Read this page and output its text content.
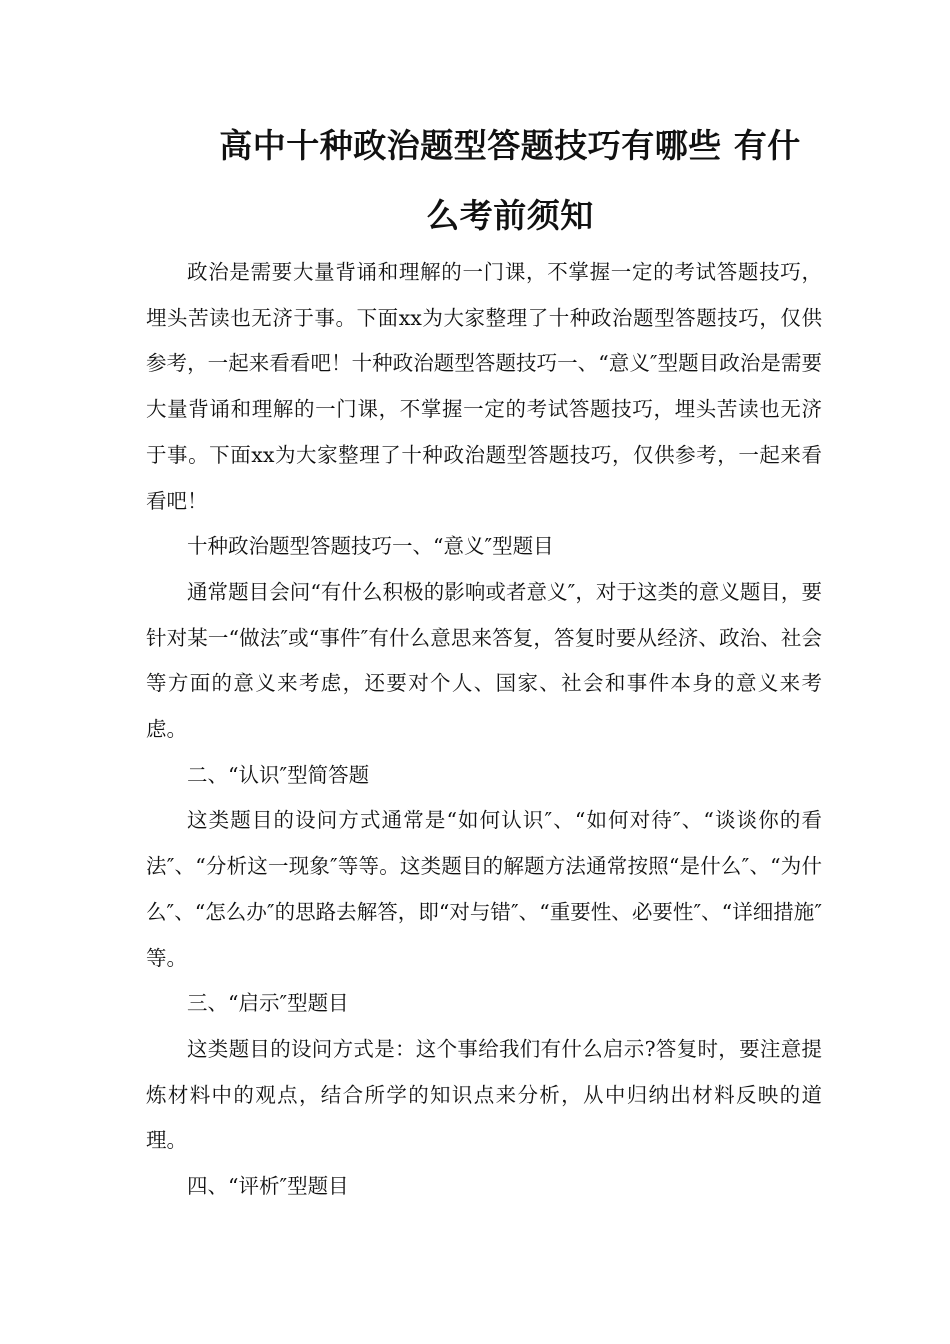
高中十种政治题型答题技巧有哪些 有什
么考前须知

政治是需要大量背诵和理解的一门课，不掌握一定的考试答题技巧，埋头苦读也无济于事。下面xx为大家整理了十种政治题型答题技巧，仅供参考，一起来看看吧！十种政治题型答题技巧一、“意义″型题目政治是需要大量背诵和理解的一门课，不掌握一定的考试答题技巧，埋头苦读也无济于事。下面xx为大家整理了十种政治题型答题技巧，仅供参考，一起来看看吧！

十种政治题型答题技巧一、“意义″型题目

通常题目会问“有什么积极的影响或者意义″，对于这类的意义题目，要针对某一“做法″或“事件″有什么意思来答复，答复时要从经济、政治、社会等方面的意义来考虑，还要对个人、国家、社会和事件本身的意义来考虑。

二、“认识″型简答题

这类题目的设问方式通常是“如何认识″、“如何对待″、“谈谈你的看法″、“分析这一现象″等等。这类题目的解题方法通常按照“是什么″、“为什么″、“怎么办″的思路去解答，即“对与错″、“重要性、必要性″、“详细措施″等。

三、“启示″型题目

这类题目的设问方式是：这个事给我们有什么启示?答复时，要注意提炼材料中的观点，结合所学的知识点来分析，从中归纳出材料反映的道理。

四、“评析″型题目
